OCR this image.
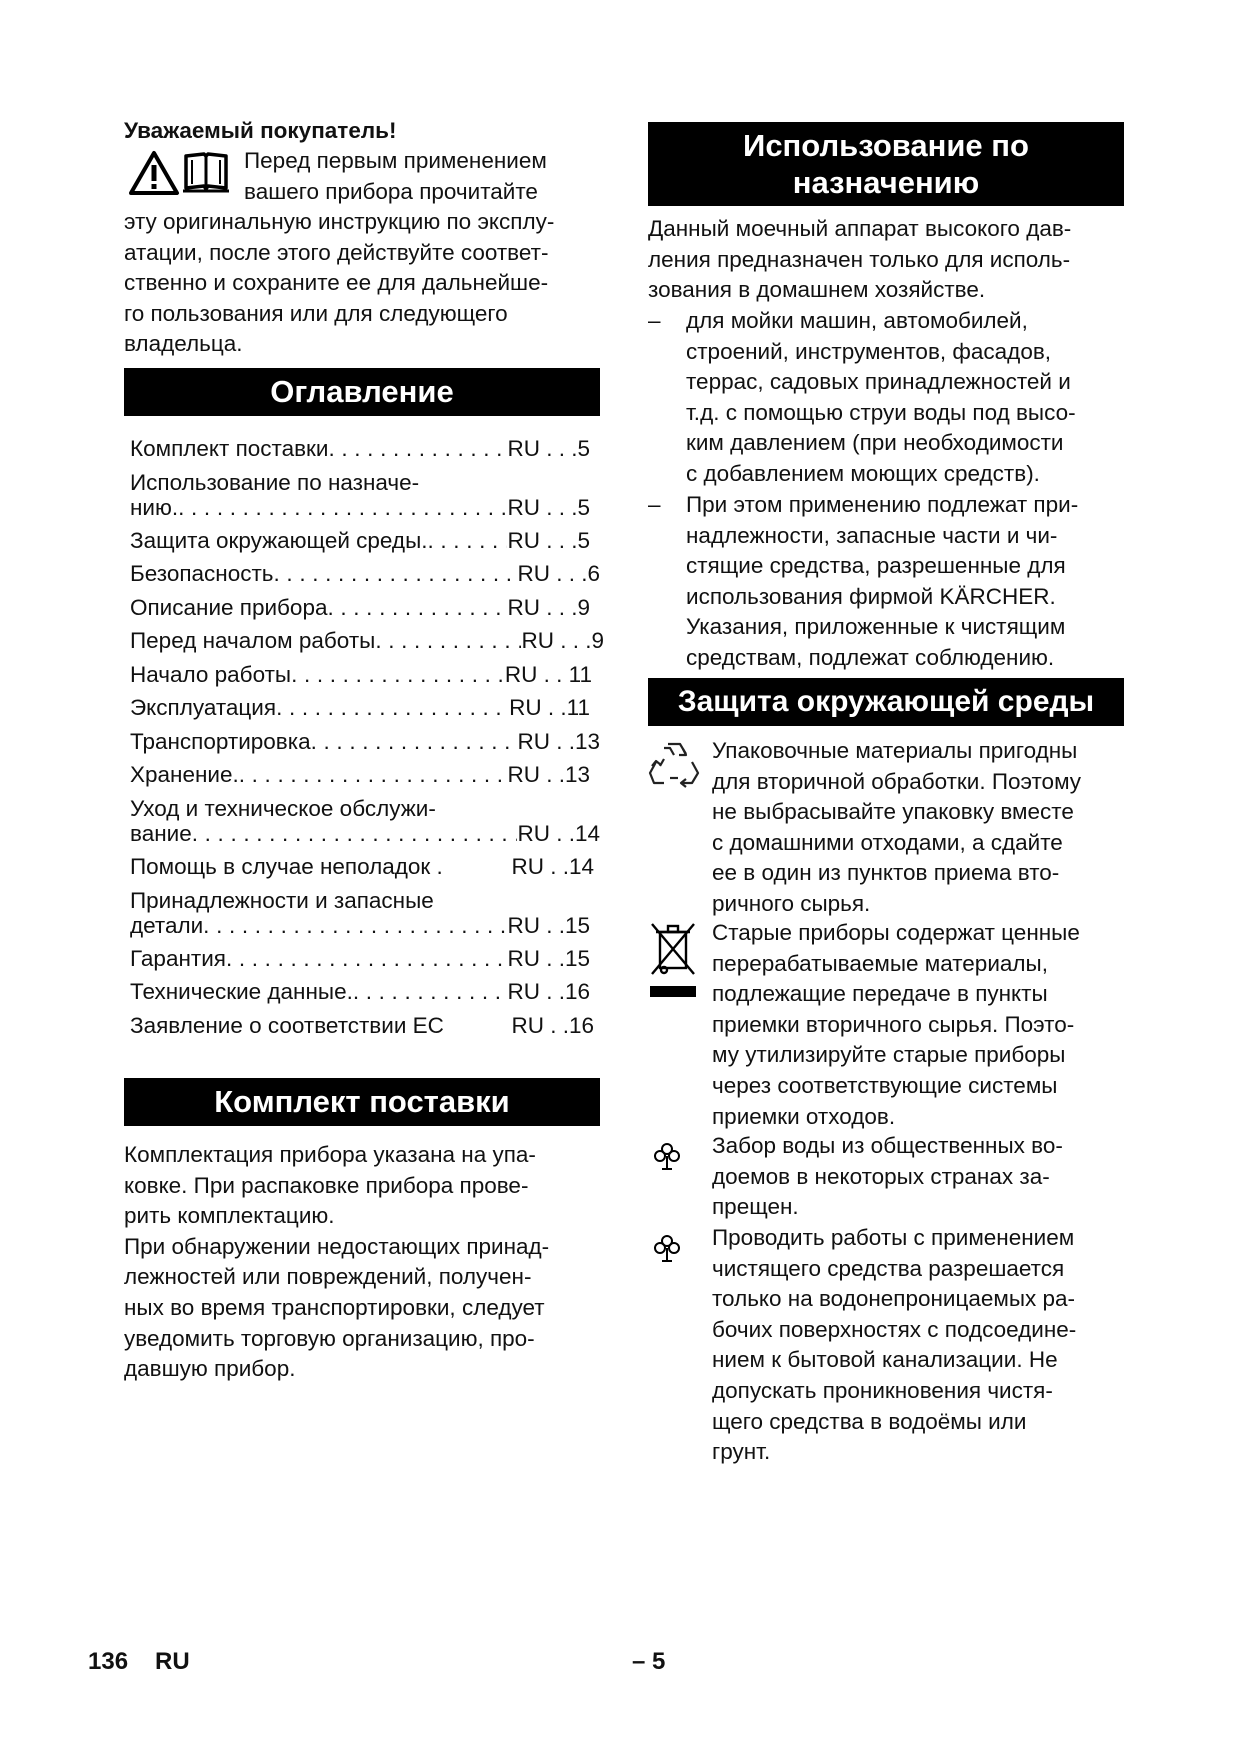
Уважаемый покупатель!

Перед первым применением

вашего прибора прочитайте

эту оригинальную инструкцию по эксплу-

атации, после этого действуйте соответ-

ственно и сохраните ее для дальнейше-

го пользования или для следующего

владельца.

Оглавление
Комплект поставки . . .	RU . . .5
Использование по назначе-
нию. . . .	RU . . .5
Защита окружающей среды. . . .	RU . . .5
Безопасность . . .	RU . . .6
Описание прибора . . .	RU . . .9
Перед началом работы . . .	RU . . .9
Начало работы . . .	RU . . 11
Эксплуатация . . .	RU . .11
Транспортировка . . .	RU . .13
Хранение. . . .	RU . .13
Уход и техническое обслужи-
вание . . .	RU . .14
Помощь в случае неполадок .	RU . .14
Принадлежности и запасные
детали . . .	RU . .15
Гарантия . . .	RU . .15
Технические данные. . . .	RU . .16
Заявление о соответствии ЕС	RU . .16
Комплект поставки

Комплектация прибора указана на упа-

ковке. При распаковке прибора прове-

рить комплектацию.

При обнаружении недостающих принад-

лежностей или повреждений, получен-

ных во время транспортировки, следует

уведомить торговую организацию, про-

давшую прибор.

Использование по
назначению

Данный моечный аппарат высокого дав-

ления предназначен только для исполь-

зования в домашнем хозяйстве.

–	для мойки машин, автомобилей,

строений, инструментов, фасадов,

террас, садовых принадлежностей и

т.д. с помощью струи воды под высо-

ким давлением (при необходимости

с добавлением моющих средств).

–	При этом применению подлежат при-

надлежности, запасные части и чи-

стящие средства, разрешенные для

использования фирмой KÄRCHER.

Указания, приложенные к чистящим

средствам, подлежат соблюдению.

Защита окружающей среды

Упаковочные материалы пригодны

для вторичной обработки. Поэтому

не выбрасывайте упаковку вместе

с домашними отходами, а сдайте

ее в один из пунктов приема вто-

ричного сырья.

Старые приборы содержат ценные

перерабатываемые материалы,

подлежащие передаче в пункты

приемки вторичного сырья. Поэто-

му утилизируйте старые приборы

через соответствующие системы

приемки отходов.

Забор воды из общественных во-

доемов в некоторых странах за-

прещен.

Проводить работы с применением

чистящего средства разрешается

только на водонепроницаемых ра-

бочих поверхностях с подсоедине-

нием к бытовой канализации. Не

допускать проникновения чистя-

щего средства в водоёмы или

грунт.

136 RU	– 5
